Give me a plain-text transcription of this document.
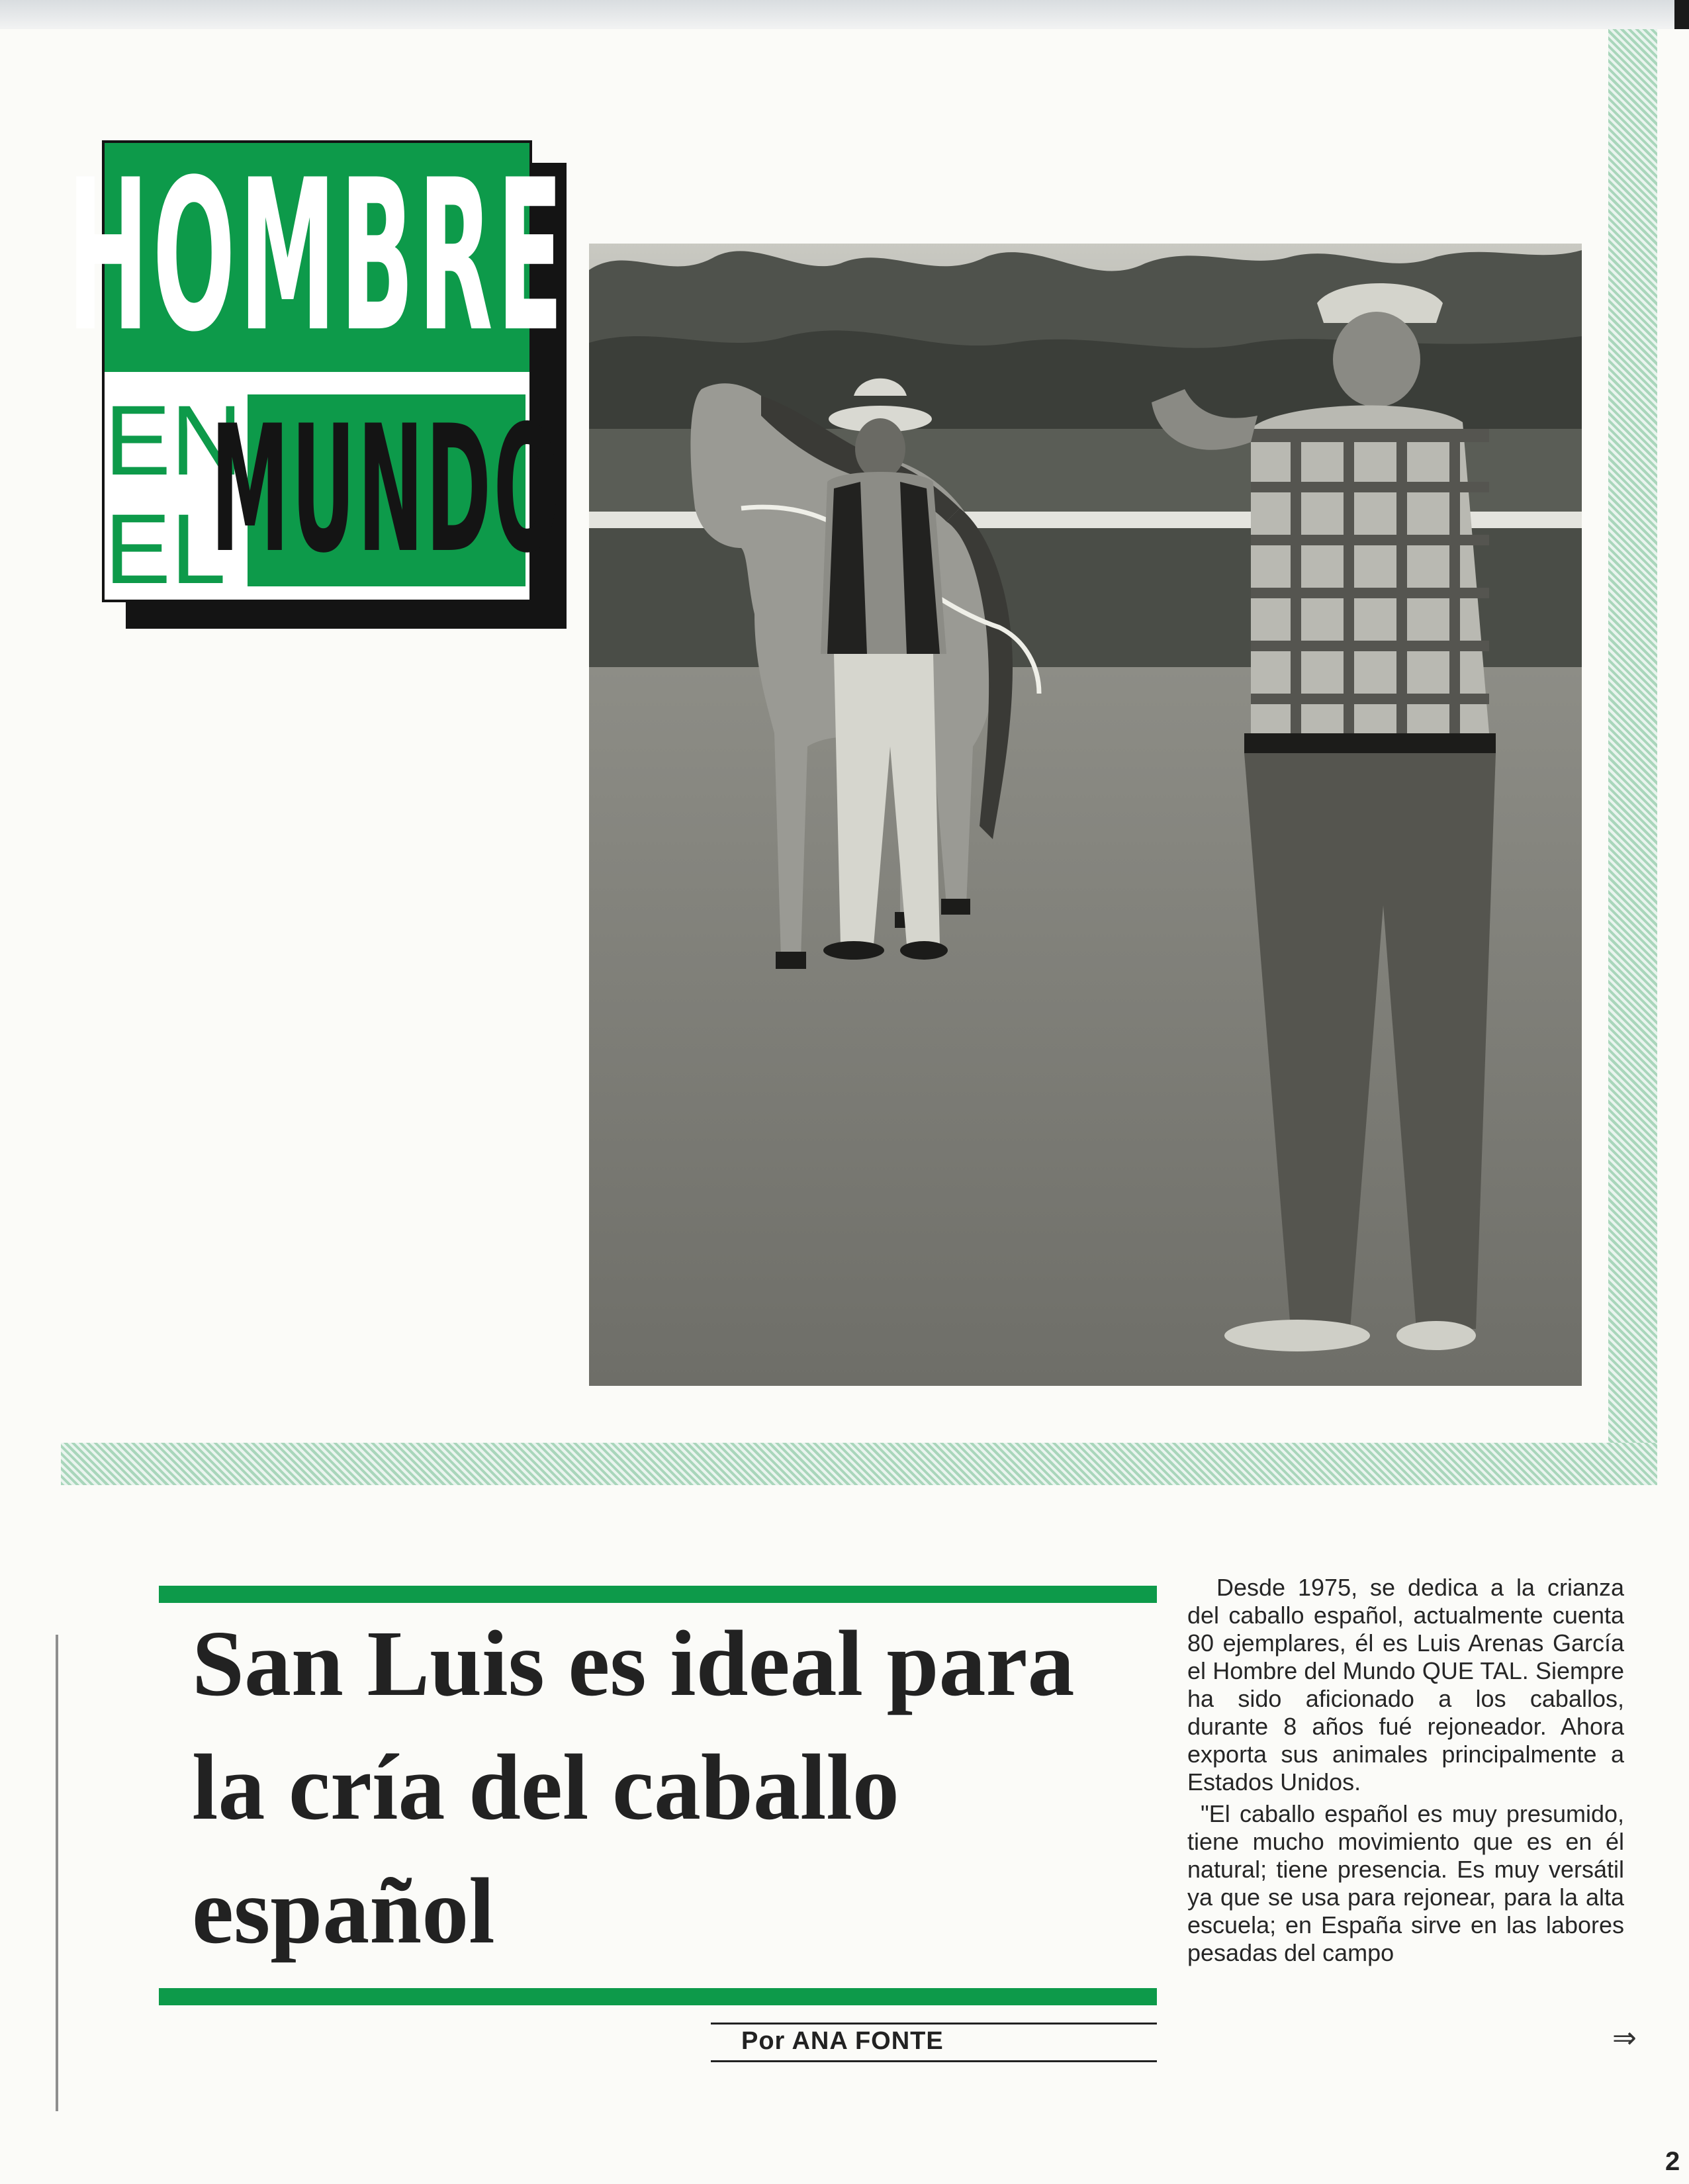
HOMBRE
EN
EL
MUNDO
San Luis es ideal para la cría del caballo español
Por ANA FONTE

Desde 1975, se dedica a la crianza del caballo español, actualmente cuenta 80 ejemplares, él es Luis Arenas García el Hombre del Mundo QUE TAL. Siempre ha sido aficionado a los caballos, durante 8 años fué rejoneador. Ahora exporta sus animales principalmente a Estados Unidos.

"El caballo español es muy presumido, tiene mucho movimiento que es en él natural; tiene presencia. Es muy versátil ya que se usa para rejonear, para la alta escuela; en España sirve en las labores pesadas del campo

⇒
2
